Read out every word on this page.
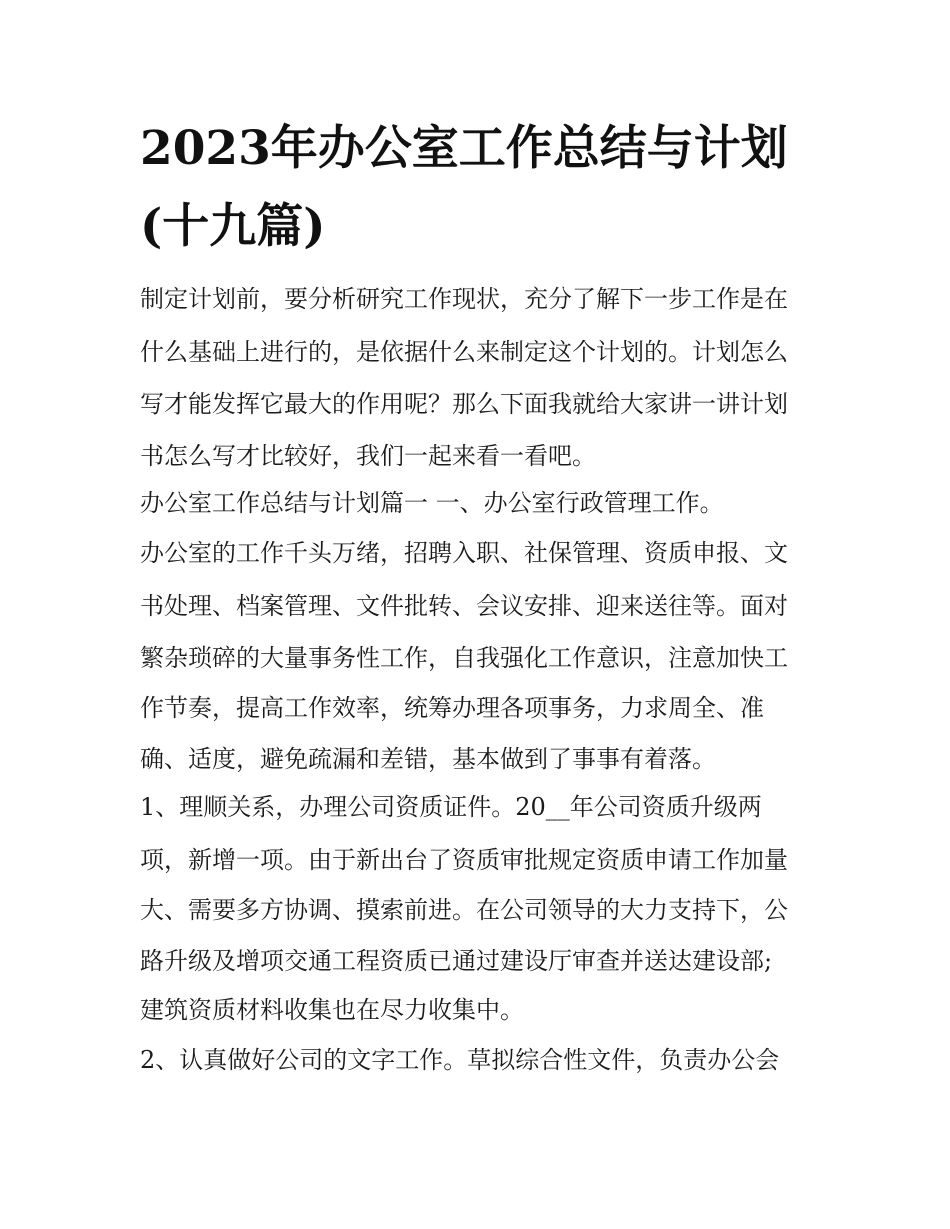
2023年办公室工作总结与计划
(十九篇)
制定计划前，要分析研究工作现状，充分了解下一步工作是在
什么基础上进行的，是依据什么来制定这个计划的。计划怎么
写才能发挥它最大的作用呢？那么下面我就给大家讲一讲计划
书怎么写才比较好，我们一起来看一看吧。
办公室工作总结与计划篇一 一、办公室行政管理工作。
办公室的工作千头万绪，招聘入职、社保管理、资质申报、文
书处理、档案管理、文件批转、会议安排、迎来送往等。面对
繁杂琐碎的大量事务性工作，自我强化工作意识，注意加快工
作节奏，提高工作效率，统筹办理各项事务，力求周全、准
确、适度，避免疏漏和差错，基本做到了事事有着落。
1、理顺关系，办理公司资质证件。20__年公司资质升级两
项，新增一项。由于新出台了资质审批规定资质申请工作加量
大、需要多方协调、摸索前进。在公司领导的大力支持下，公
路升级及增项交通工程资质已通过建设厅审查并送达建设部;
建筑资质材料收集也在尽力收集中。
2、认真做好公司的文字工作。草拟综合性文件，负责办公会
